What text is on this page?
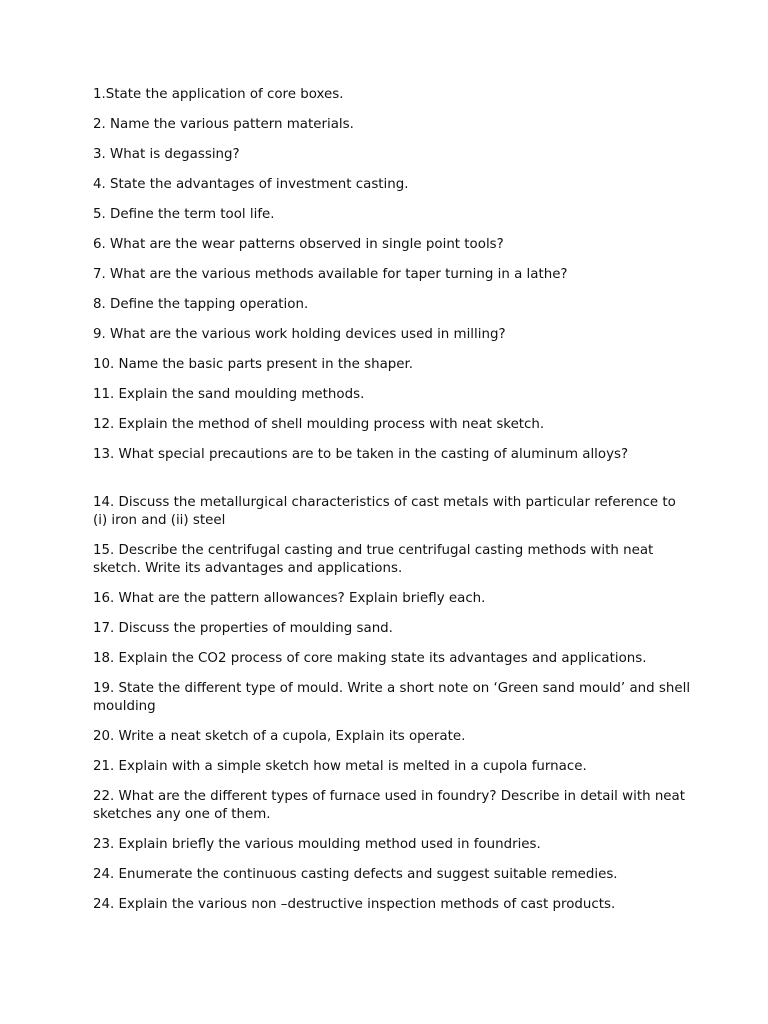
1.State the application of core boxes.
2. Name the various pattern materials.
3. What is degassing?
4. State the advantages of investment casting.
5. Define the term tool life.
6. What are the wear patterns observed in single point tools?
7. What are the various methods available for taper turning in a lathe?
8. Define the tapping operation.
9. What are the various work holding devices used in milling?
10. Name the basic parts present in the shaper.
11. Explain the sand moulding methods.
12. Explain the method of shell moulding process with neat sketch.
13. What special precautions are to be taken in the casting of aluminum alloys?
14. Discuss the metallurgical characteristics of cast metals with particular reference to (i) iron and (ii) steel
15. Describe the centrifugal casting and true centrifugal casting methods with neat sketch. Write its advantages and applications.
16. What are the pattern allowances? Explain briefly each.
17. Discuss the properties of moulding sand.
18. Explain the CO2 process of core making state its advantages and applications.
19. State the different type of mould. Write a short note on ‘Green sand mould’ and shell moulding
20. Write a neat sketch of a cupola, Explain its operate.
21. Explain with a simple sketch how metal is melted in a cupola furnace.
22. What are the different types of furnace used in foundry? Describe in detail with neat sketches any one of them.
23. Explain briefly the various moulding method used in foundries.
24. Enumerate the continuous casting defects and suggest suitable remedies.
24. Explain the various non –destructive inspection methods of cast products.
